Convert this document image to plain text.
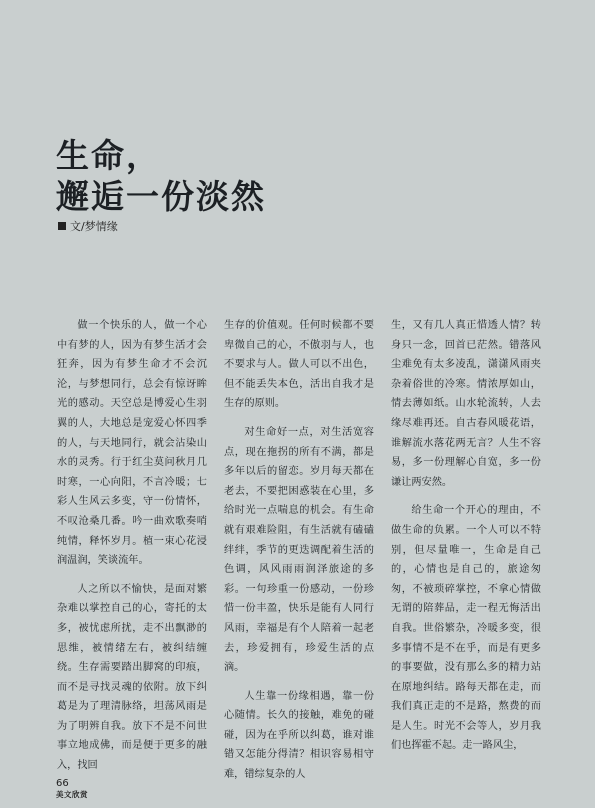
生命，
邂逅一份淡然
文/梦情缘

做一个快乐的人，做一个心中有梦的人，因为有梦生活才会狂奔，因为有梦生命才不会沉沦，与梦想同行，总会有惊讶眸光的感动。天空总是博爱心生羽翼的人，大地总是宠爱心怀四季的人，与天地同行，就会沾染山水的灵秀。行于红尘莫问秋月几时寒，一心向阳，不言冷暖；七彩人生风云多变，守一份情怀，不叹沧桑几番。吟一曲欢歌奏哨纯情，释怀岁月。植一束心花浸润温润，笑谈流年。

人之所以不愉快，是面对繁杂难以掌控自己的心，寄托的太多，被忧虑所扰，走不出飘渺的思维，被情绪左右，被纠结缠绕。生存需要踏出脚窝的印痕，而不是寻找灵魂的依附。放下纠葛是为了理清脉络，坦荡风雨是为了明辨自我。放下不是不问世事立地成佛，而是便于更多的融入，找回

生存的价值观。任何时候都不要卑微自己的心，不傲羽与人，也不要求与人。做人可以不出色，但不能丢失本色，活出自我才是生存的原则。

对生命好一点，对生活宽容点，现在拖拐的所有不满，都是多年以后的留恋。岁月每天都在老去，不要把困惑装在心里，多给时光一点喘息的机会。有生命就有艰难险阻，有生活就有磕磕绊绊，季节的更迭调配着生活的色调，风风雨雨润泽旅途的多彩。一句珍重一份感动，一份珍惜一份丰盈，快乐是能有人同行风雨，幸福是有个人陪着一起老去，珍爱拥有，珍爱生活的点滴。

人生靠一份缘相遇，靠一份心随情。长久的接触，难免的碰碰，因为在乎所以纠葛，谁对谁错又怎能分得清？相识容易相守难，错综复杂的人

生，又有几人真正惜透人情？转身只一念，回首已茫然。错落风尘难免有太多凌乱，潇潇风雨夹杂着俗世的冷寒。情浓厚如山，情去薄如纸。山水轮流转，人去缘尽难再还。自古春风暖花语，谁解流水落花两无言？人生不容易，多一份理解心自宽，多一份谦让两安然。

给生命一个开心的理由，不做生命的负累。一个人可以不特别，但尽量唯一，生命是自己的，心情也是自己的，旅途匆匆，不被琐碎掌控，不拿心情做无谓的陪葬品，走一程无悔活出自我。世俗繁杂，冷暖多变，很多事情不是不在乎，而是有更多的事要做，没有那么多的精力站在原地纠结。路每天都在走，而我们真正走的不是路，熬费的而是人生。时光不会等人，岁月我们也挥霍不起。走一路风尘，

66
美文欣赏
